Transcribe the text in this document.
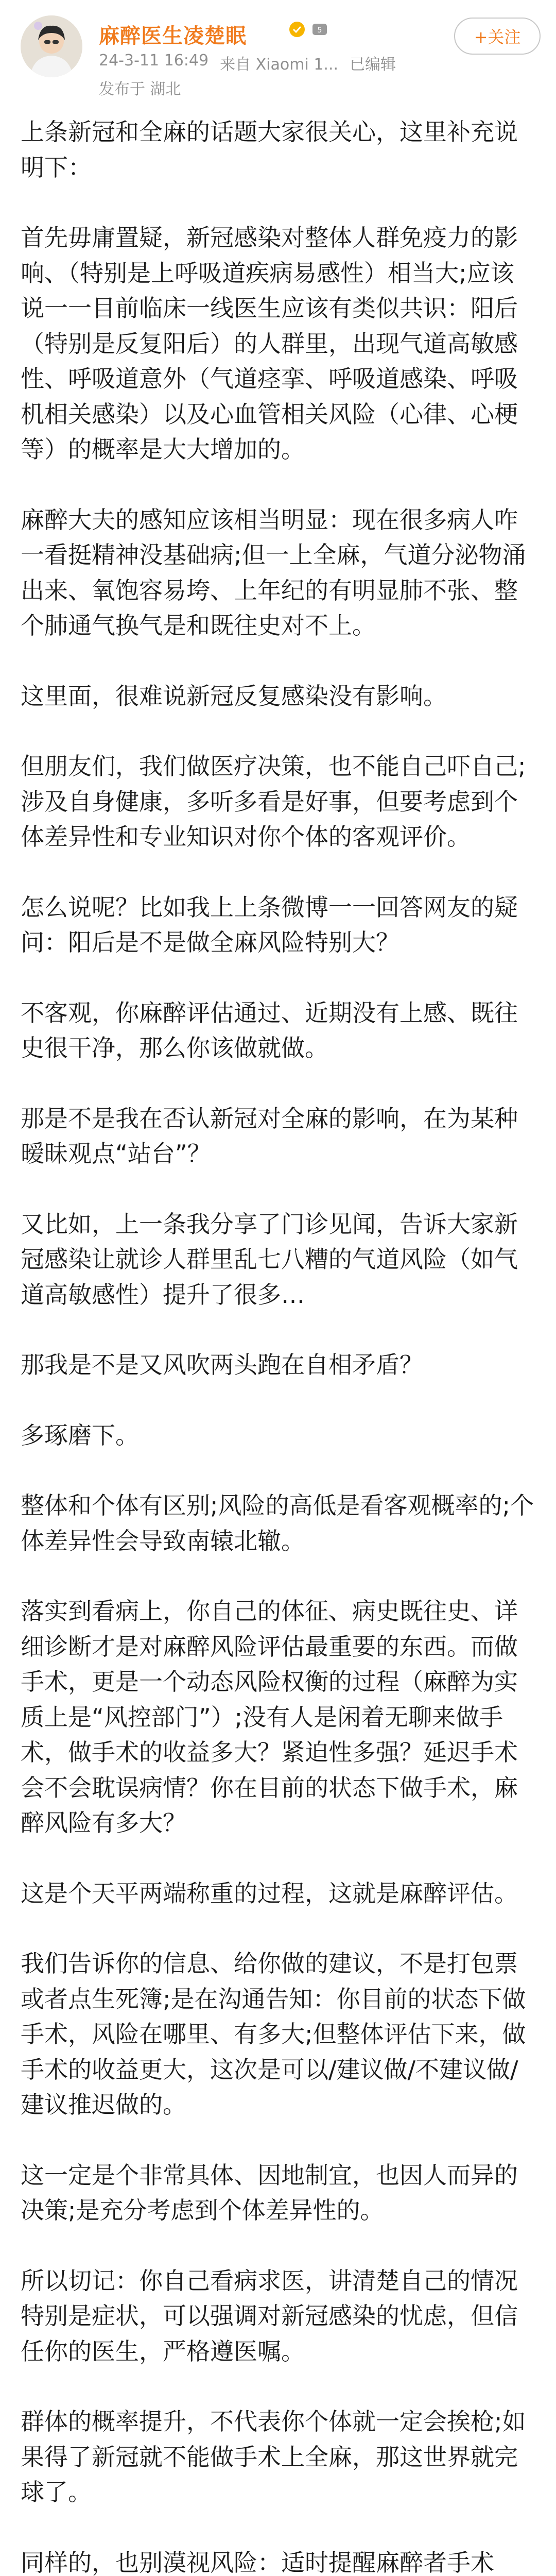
麻醉医生凌楚眠	5
24-3-11 16:49 来自 Xiaomi 1... 已编辑
发布于 湖北
+关注

上条新冠和全麻的话题大家很关心，这里补充说明下：

首先毋庸置疑，新冠感染对整体人群免疫力的影响、（特别是上呼吸道疾病易感性）相当大;应该说一一目前临床一线医生应该有类似共识：阳后（特别是反复阳后）的人群里，出现气道高敏感性、呼吸道意外（气道痉挛、呼吸道感染、呼吸机相关感染）以及心血管相关风险（心律、心梗等）的概率是大大增加的。

麻醉大夫的感知应该相当明显：现在很多病人咋一看挺精神没基础病;但一上全麻，气道分泌物涌出来、氧饱容易垮、上年纪的有明显肺不张、整个肺通气换气是和既往史对不上。

这里面，很难说新冠反复感染没有影响。

但朋友们，我们做医疗决策，也不能自己吓自己;涉及自身健康，多听多看是好事，但要考虑到个体差异性和专业知识对你个体的客观评价。

怎么说呢？比如我上上条微博一一回答网友的疑问：阳后是不是做全麻风险特别大？

不客观，你麻醉评估通过、近期没有上感、既往史很干净，那么你该做就做。

那是不是我在否认新冠对全麻的影响，在为某种暧昧观点“站台”？

又比如，上一条我分享了门诊见闻，告诉大家新冠感染让就诊人群里乱七八糟的气道风险（如气道高敏感性）提升了很多…

那我是不是又风吹两头跑在自相矛盾？

多琢磨下。

整体和个体有区别;风险的高低是看客观概率的;个体差异性会导致南辕北辙。

落实到看病上，你自己的体征、病史既往史、详细诊断才是对麻醉风险评估最重要的东西。而做手术，更是一个动态风险权衡的过程（麻醉为实质上是“风控部门”）;没有人是闲着无聊来做手术，做手术的收益多大？紧迫性多强？延迟手术会不会耽误病情？你在目前的状态下做手术，麻醉风险有多大？

这是个天平两端称重的过程，这就是麻醉评估。

我们告诉你的信息、给你做的建议，不是打包票或者点生死簿;是在沟通告知：你目前的状态下做手术，风险在哪里、有多大;但整体评估下来，做手术的收益更大，这次是可以/建议做/不建议做/建议推迟做的。

这一定是个非常具体、因地制宜，也因人而异的决策;是充分考虑到个体差异性的。

所以切记：你自己看病求医，讲清楚自己的情况特别是症状，可以强调对新冠感染的忧虑，但信任你的医生，严格遵医嘱。

群体的概率提升，不代表你个体就一定会挨枪;如果得了新冠就不能做手术上全麻，那这世界就完球了。

同样的，也别漠视风险：适时提醒麻醉者手术
